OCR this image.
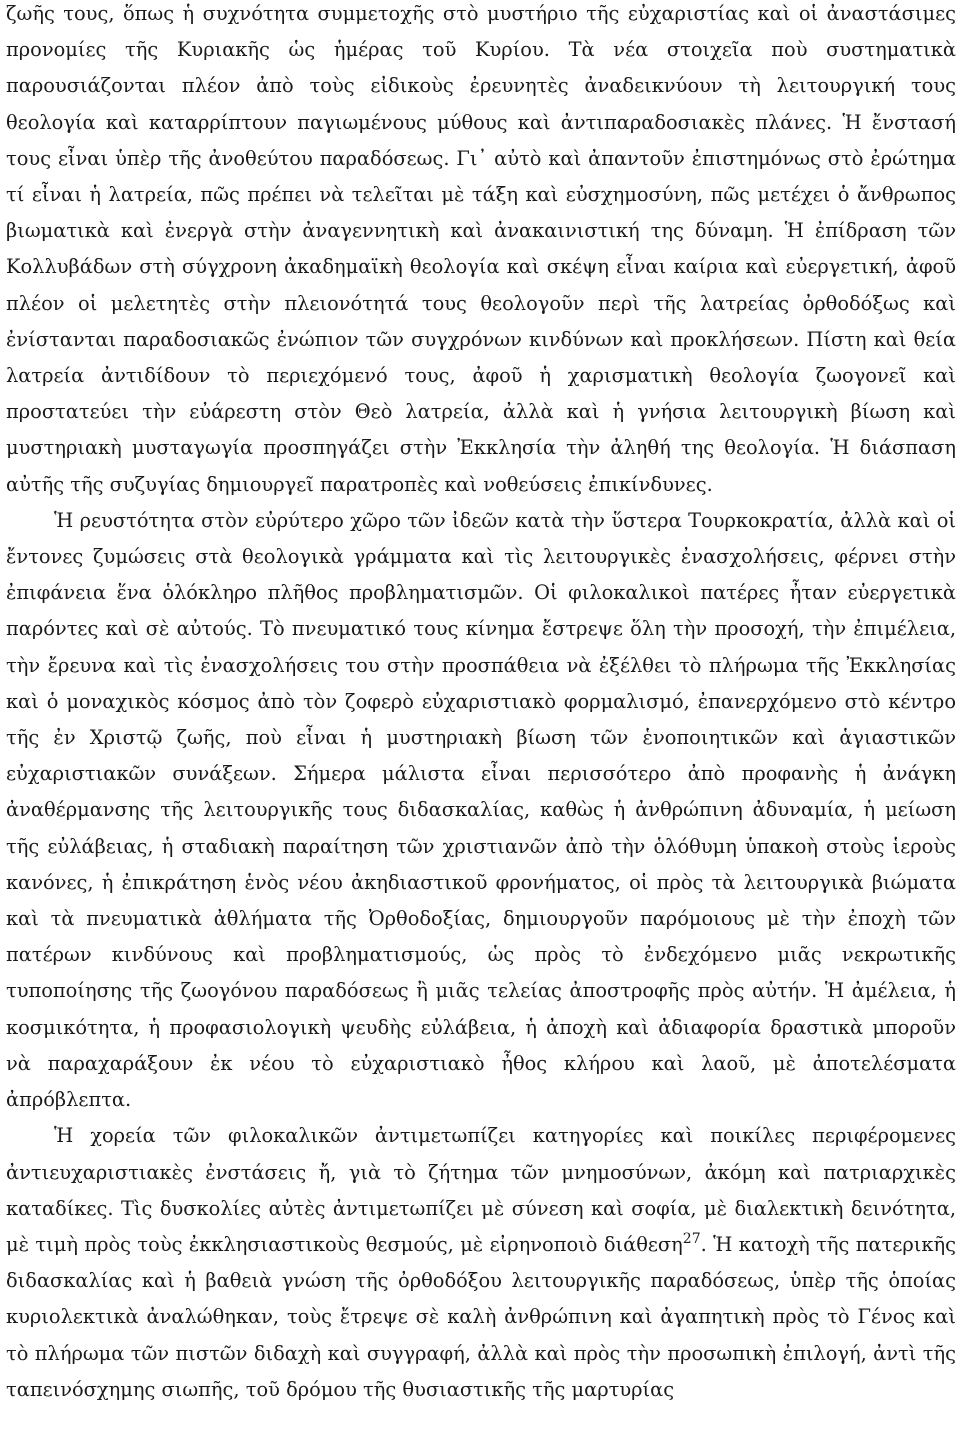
ζωῆς τους, ὅπως ἡ συχνότητα συμμετοχῆς στὸ μυστήριο τῆς εὐχαριστίας καὶ οἱ ἀναστάσιμες προνομίες τῆς Κυριακῆς ὡς ἡμέρας τοῦ Κυρίου. Τὰ νέα στοιχεῖα ποὺ συστηματικὰ παρουσιάζονται πλέον ἀπὸ τοὺς εἰδικοὺς ἐρευνητὲς ἀναδεικνύουν τὴ λειτουργική τους θεολογία καὶ καταρρίπτουν παγιωμένους μύθους καὶ ἀντιπαραδοσιακὲς πλάνες. Ἡ ἔνστασή τους εἶναι ὑπὲρ τῆς ἀνοθεύτου παραδόσεως. Γι᾽ αὐτὸ καὶ ἀπαντοῦν ἐπιστημόνως στὸ ἐρώτημα τί εἶναι ἡ λατρεία, πῶς πρέπει νὰ τελεῖται μὲ τάξη καὶ εὐσχημοσύνη, πῶς μετέχει ὁ ἄνθρωπος βιωματικὰ καὶ ἐνεργὰ στὴν ἀναγεννητικὴ καὶ ἀνακαινιστική της δύναμη. Ἡ ἐπίδραση τῶν Κολλυβάδων στὴ σύγχρονη ἀκαδημαϊκὴ θεολογία καὶ σκέψη εἶναι καίρια καὶ εὐεργετική, ἀφοῦ πλέον οἱ μελετητὲς στὴν πλειονότητά τους θεολογοῦν περὶ τῆς λατρείας ὀρθοδόξως καὶ ἐνίστανται παραδοσιακῶς ἐνώπιον τῶν συγχρόνων κινδύνων καὶ προκλήσεων. Πίστη καὶ θεία λατρεία ἀντιδίδουν τὸ περιεχόμενό τους, ἀφοῦ ἡ χαρισματικὴ θεολογία ζωογονεῖ καὶ προστατεύει τὴν εὐάρεστη στὸν Θεὸ λατρεία, ἀλλὰ καὶ ἡ γνήσια λειτουργικὴ βίωση καὶ μυστηριακὴ μυσταγωγία προσπηγάζει στὴν Ἐκκλησία τὴν ἀληθή της θεολογία. Ἡ διάσπαση αὐτῆς τῆς συζυγίας δημιουργεῖ παρατροπὲς καὶ νοθεύσεις ἐπικίνδυνες.

Ἡ ρευστότητα στὸν εὐρύτερο χῶρο τῶν ἰδεῶν κατὰ τὴν ὕστερα Τουρκοκρατία, ἀλλὰ καὶ οἱ ἔντονες ζυμώσεις στὰ θεολογικὰ γράμματα καὶ τὶς λειτουργικὲς ἐνασχολήσεις, φέρνει στὴν ἐπιφάνεια ἕνα ὁλόκληρο πλῆθος προβληματισμῶν. Οἱ φιλοκαλικοὶ πατέρες ἦταν εὐεργετικὰ παρόντες καὶ σὲ αὐτούς. Τὸ πνευματικό τους κίνημα ἔστρεψε ὅλη τὴν προσοχή, τὴν ἐπιμέλεια, τὴν ἔρευνα καὶ τὶς ἐνασχολήσεις του στὴν προσπάθεια νὰ ἐξέλθει τὸ πλήρωμα τῆς Ἐκκλησίας καὶ ὁ μοναχικὸς κόσμος ἀπὸ τὸν ζοφερὸ εὐχαριστιακὸ φορμαλισμό, ἐπανερχόμενο στὸ κέντρο τῆς ἐν Χριστῷ ζωῆς, ποὺ εἶναι ἡ μυστηριακὴ βίωση τῶν ἑνοποιητικῶν καὶ ἁγιαστικῶν εὐχαριστιακῶν συνάξεων. Σήμερα μάλιστα εἶναι περισσότερο ἀπὸ προφανὴς ἡ ἀνάγκη ἀναθέρμανσης τῆς λειτουργικῆς τους διδασκαλίας, καθὼς ἡ ἀνθρώπινη ἀδυναμία, ἡ μείωση τῆς εὐλάβειας, ἡ σταδιακὴ παραίτηση τῶν χριστιανῶν ἀπὸ τὴν ὁλόθυμη ὑπακοὴ στοὺς ἱεροὺς κανόνες, ἡ ἐπικράτηση ἑνὸς νέου ἀκηδιαστικοῦ φρονήματος, οἱ πρὸς τὰ λειτουργικὰ βιώματα καὶ τὰ πνευματικὰ ἀθλήματα τῆς Ὀρθοδοξίας, δημιουργοῦν παρόμοιους μὲ τὴν ἐποχὴ τῶν πατέρων κινδύνους καὶ προβληματισμούς, ὡς πρὸς τὸ ἐνδεχόμενο μιᾶς νεκρωτικῆς τυποποίησης τῆς ζωογόνου παραδόσεως ἢ μιᾶς τελείας ἀποστροφῆς πρὸς αὐτήν. Ἡ ἀμέλεια, ἡ κοσμικότητα, ἡ προφασιολογικὴ ψευδὴς εὐλάβεια, ἡ ἀποχὴ καὶ ἀδιαφορία δραστικὰ μποροῦν νὰ παραχαράξουν ἐκ νέου τὸ εὐχαριστιακὸ ἦθος κλήρου καὶ λαοῦ, μὲ ἀποτελέσματα ἀπρόβλεπτα.

Ἡ χορεία τῶν φιλοκαλικῶν ἀντιμετωπίζει κατηγορίες καὶ ποικίλες περιφέρομενες ἀντιευχαριστιακὲς ἐνστάσεις ἤ, γιὰ τὸ ζήτημα τῶν μνημοσύνων, ἀκόμη καὶ πατριαρχικὲς καταδίκες. Τὶς δυσκολίες αὐτὲς ἀντιμετωπίζει μὲ σύνεση καὶ σοφία, μὲ διαλεκτικὴ δεινότητα, μὲ τιμὴ πρὸς τοὺς ἐκκλησιαστικοὺς θεσμούς, μὲ εἰρηνοποιὸ διάθεση$^{27}$. Ἡ κατοχὴ τῆς πατερικῆς διδασκαλίας καὶ ἡ βαθειὰ γνώση τῆς ὀρθοδόξου λειτουργικῆς παραδόσεως, ὑπὲρ τῆς ὁποίας κυριολεκτικὰ ἀναλώθηκαν, τοὺς ἔτρεψε σὲ καλὴ ἀνθρώπινη καὶ ἀγαπητικὴ πρὸς τὸ Γένος καὶ τὸ πλήρωμα τῶν πιστῶν διδαχὴ καὶ συγγραφή, ἀλλὰ καὶ πρὸς τὴν προσωπικὴ ἐπιλογή, ἀντὶ τῆς ταπεινόσχημης σιωπῆς, τοῦ δρόμου τῆς θυσιαστικῆς τῆς μαρτυρίας
